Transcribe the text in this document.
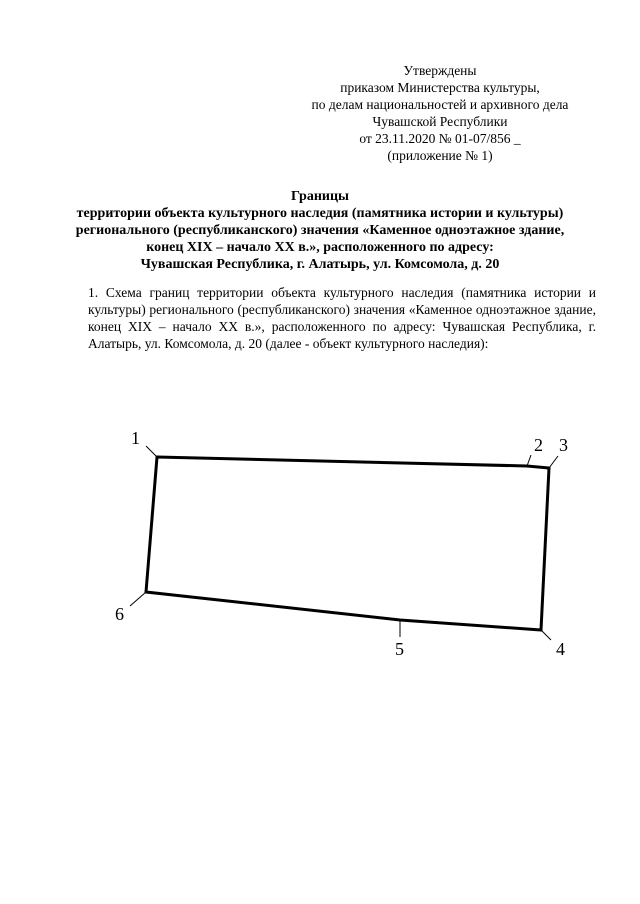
Утверждены
приказом Министерства культуры,
по делам национальностей и архивного дела
Чувашской Республики
от 23.11.2020 № 01-07/856 _
(приложение № 1)
Границы
территории объекта культурного наследия (памятника истории и культуры)
регионального (республиканского) значения «Каменное одноэтажное здание,
конец XIX – начало XX в.», расположенного по адресу:
Чувашская Республика, г. Алатырь, ул. Комсомола, д. 20
1. Схема границ территории объекта культурного наследия (памятника истории и культуры) регионального (республиканского) значения «Каменное одноэтажное здание, конец XIX – начало XX в.», расположенного по адресу: Чувашская Республика, г. Алатырь, ул. Комсомола, д. 20 (далее - объект культурного наследия):
1	2 3
4
5
6
